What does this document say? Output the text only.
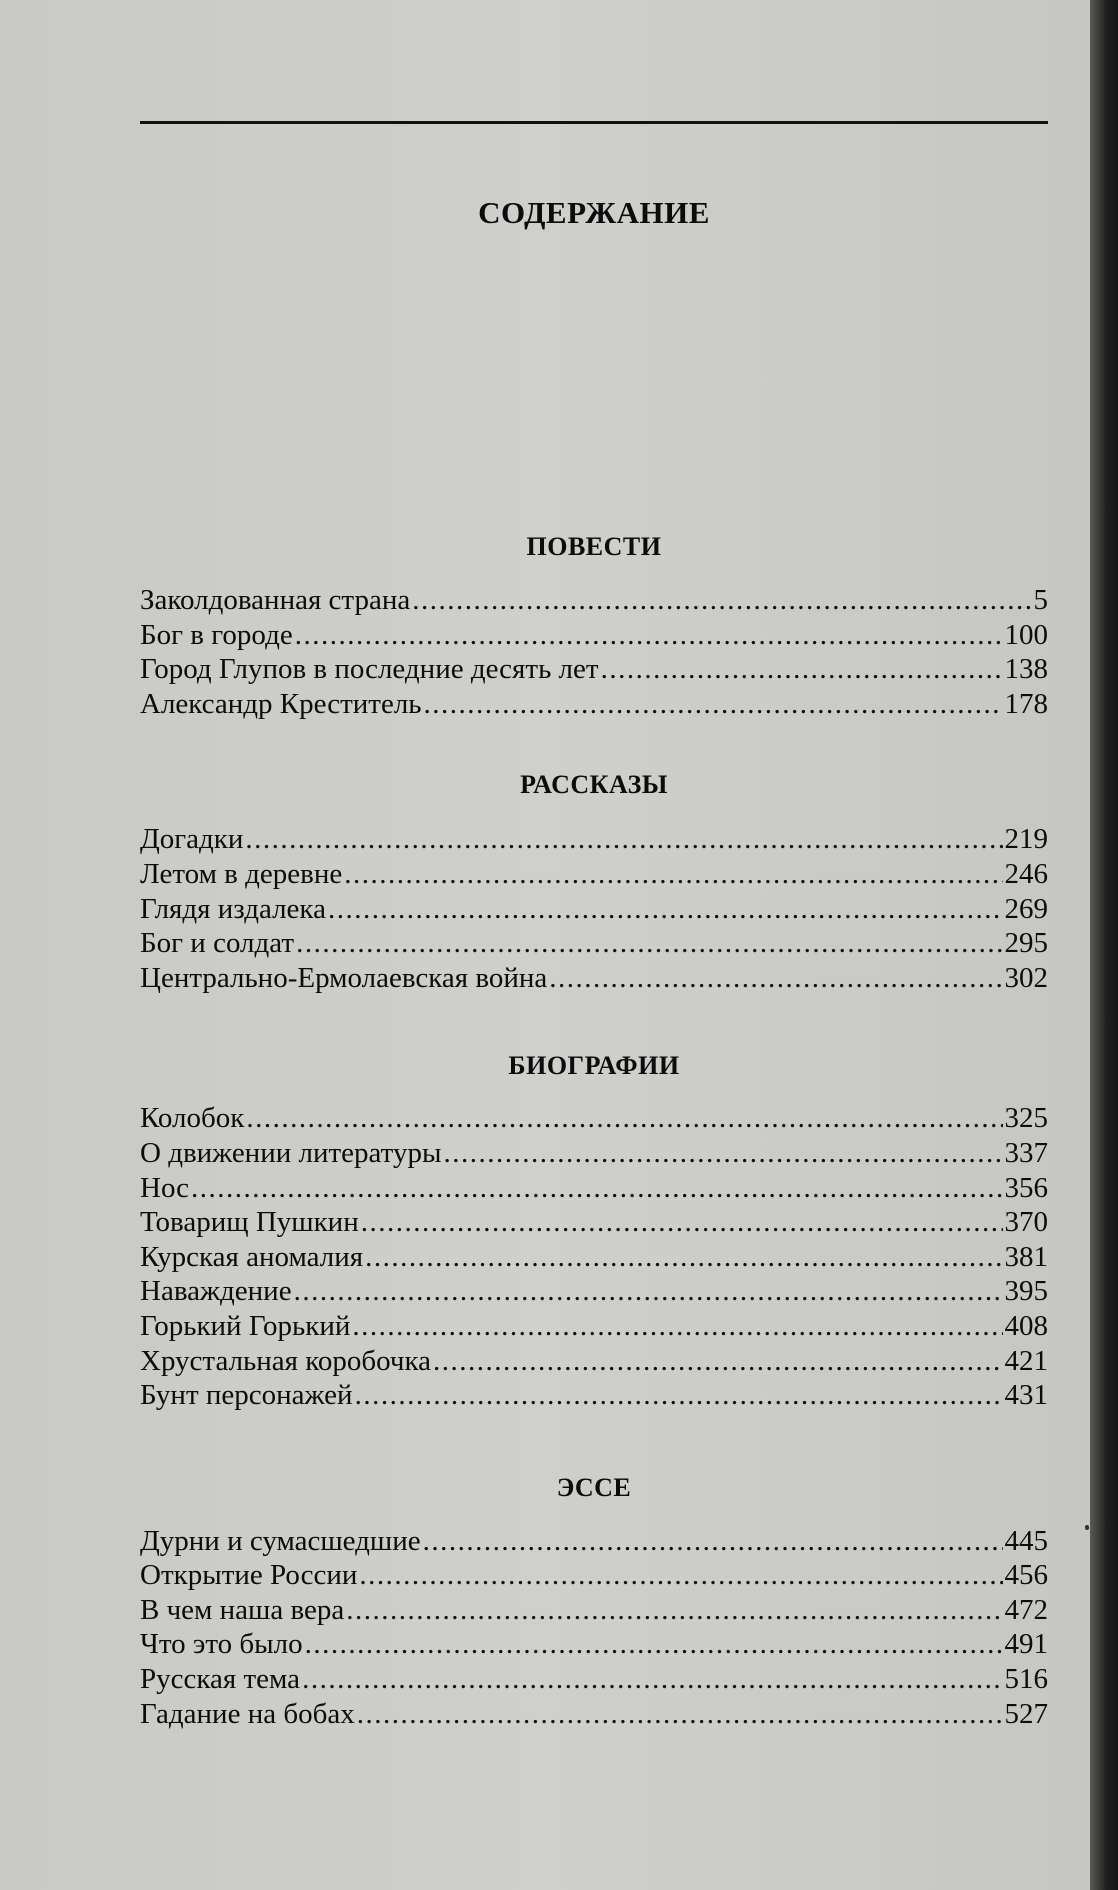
СОДЕРЖАНИЕ
ПОВЕСТИ
Заколдованная страна .....	5
Бог в городе .....	100
Город Глупов в последние десять лет .....	138
Александр Креститель .....	178
РАССКАЗЫ
Догадки .....	219
Летом в деревне .....	246
Глядя издалека .....	269
Бог и солдат .....	295
Центрально-Ермолаевская война .....	302
БИОГРАФИИ
Колобок .....	325
О движении литературы .....	337
Нос .....	356
Товарищ Пушкин .....	370
Курская аномалия .....	381
Наваждение .....	395
Горький Горький .....	408
Хрустальная коробочка .....	421
Бунт персонажей .....	431
ЭССЕ
Дурни и сумасшедшие .....	445
Открытие России .....	456
В чем наша вера .....	472
Что это было .....	491
Русская тема .....	516
Гадание на бобах .....	527
